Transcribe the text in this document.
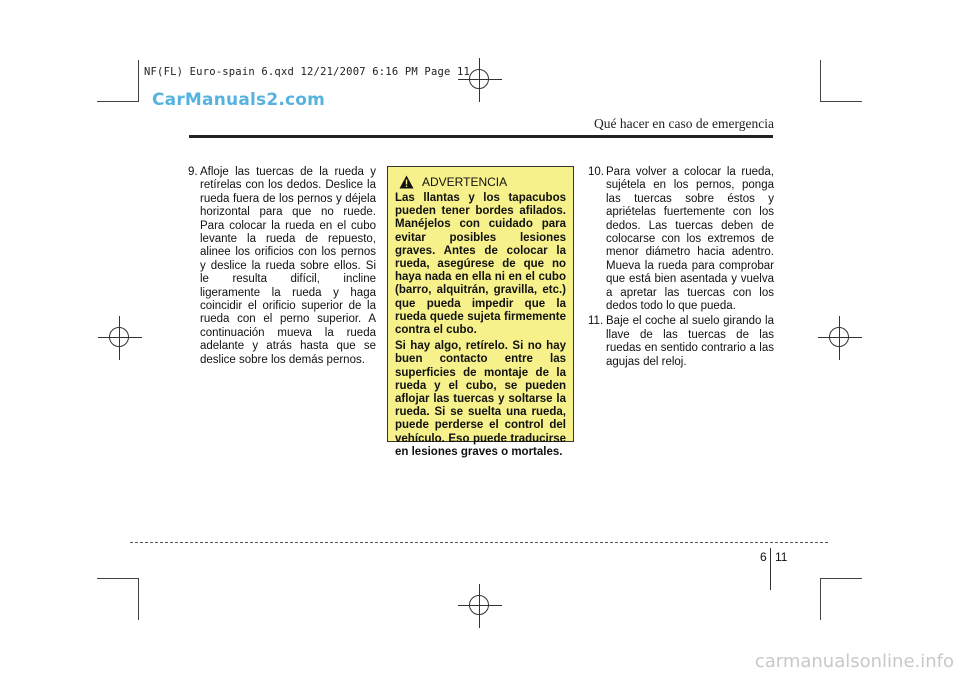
NF(FL) Euro-spain 6.qxd 12/21/2007 6:16 PM Page 11
CarManuals2.com
Qué hacer en caso de emergencia
9. Afloje las tuercas de la rueda y retírelas con los dedos. Deslice la rueda fuera de los pernos y déjela horizontal para que no ruede. Para colocar la rueda en el cubo levante la rueda de repuesto, alinee los orificios con los pernos y deslice la rueda sobre ellos. Si le resulta difícil, incline ligeramente la rueda y haga coincidir el orificio superior de la rueda con el perno superior. A continuación mueva la rueda adelante y atrás hasta que se deslice sobre los demás pernos.
ADVERTENCIA

Las llantas y los tapacubos pueden tener bordes afilados. Manéjelos con cuidado para evitar posibles lesiones graves. Antes de colocar la rueda, asegúrese de que no haya nada en ella ni en el cubo (barro, alquitrán, gravilla, etc.) que pueda impedir que la rueda quede sujeta firmemente contra el cubo.

Si hay algo, retírelo. Si no hay buen contacto entre las superficies de montaje de la rueda y el cubo, se pueden aflojar las tuercas y soltarse la rueda. Si se suelta una rueda, puede perderse el control del vehículo. Eso puede traducirse en lesiones graves o mortales.

10. Para volver a colocar la rueda, sujétela en los pernos, ponga las tuercas sobre éstos y apriételas fuertemente con los dedos. Las tuercas deben de colocarse con los extremos de menor diámetro hacia adentro. Mueva la rueda para comprobar que está bien asentada y vuelva a apretar las tuercas con los dedos todo lo que pueda.
11. Baje el coche al suelo girando la llave de las tuercas de las ruedas en sentido contrario a las agujas del reloj.
6 11
carmanualsonline.info
